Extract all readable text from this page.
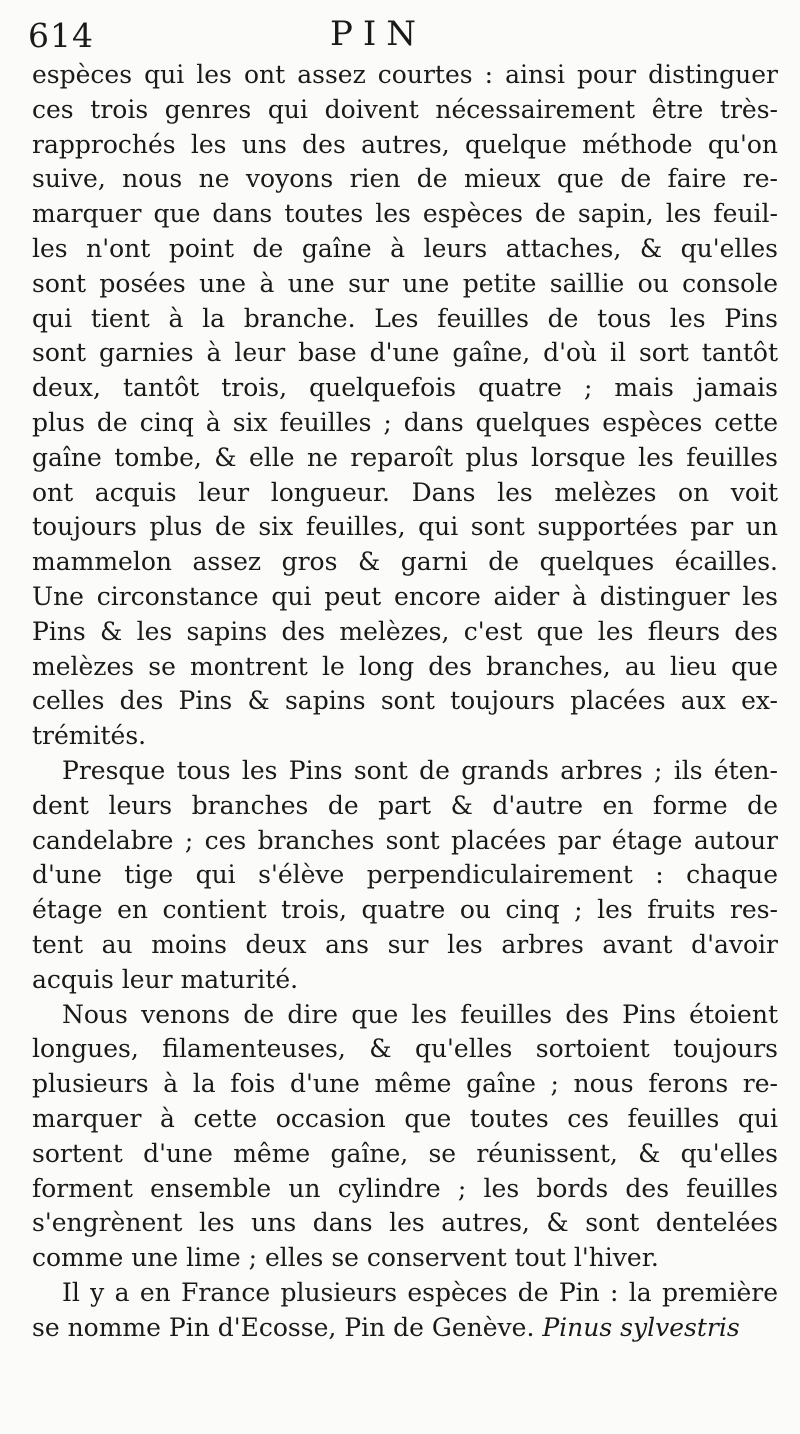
614	PIN
espèces qui les ont assez courtes : ainsi pour distinguer
ces trois genres qui doivent nécessairement être très-
rapprochés les uns des autres, quelque méthode qu'on
suive, nous ne voyons rien de mieux que de faire re-
marquer que dans toutes les espèces de sapin, les feuil-
les n'ont point de gaîne à leurs attaches, & qu'elles
sont posées une à une sur une petite saillie ou console
qui tient à la branche. Les feuilles de tous les Pins
sont garnies à leur base d'une gaîne, d'où il sort tantôt
deux, tantôt trois, quelquefois quatre ; mais jamais
plus de cinq à six feuilles ; dans quelques espèces cette
gaîne tombe, & elle ne reparoît plus lorsque les feuilles
ont acquis leur longueur. Dans les melèzes on voit
toujours plus de six feuilles, qui sont supportées par un
mammelon assez gros & garni de quelques écailles.
Une circonstance qui peut encore aider à distinguer les
Pins & les sapins des melèzes, c'est que les fleurs des
melèzes se montrent le long des branches, au lieu que
celles des Pins & sapins sont toujours placées aux ex-
trémités.
Presque tous les Pins sont de grands arbres ; ils éten-
dent leurs branches de part & d'autre en forme de
candelabre ; ces branches sont placées par étage autour
d'une tige qui s'élève perpendiculairement : chaque
étage en contient trois, quatre ou cinq ; les fruits res-
tent au moins deux ans sur les arbres avant d'avoir
acquis leur maturité.
Nous venons de dire que les feuilles des Pins étoient
longues, filamenteuses, & qu'elles sortoient toujours
plusieurs à la fois d'une même gaîne ; nous ferons re-
marquer à cette occasion que toutes ces feuilles qui
sortent d'une même gaîne, se réunissent, & qu'elles
forment ensemble un cylindre ; les bords des feuilles
s'engrènent les uns dans les autres, & sont dentelées
comme une lime ; elles se conservent tout l'hiver.
Il y a en France plusieurs espèces de Pin : la première
se nomme Pin d'Ecosse, Pin de Genève. Pinus sylvestris
